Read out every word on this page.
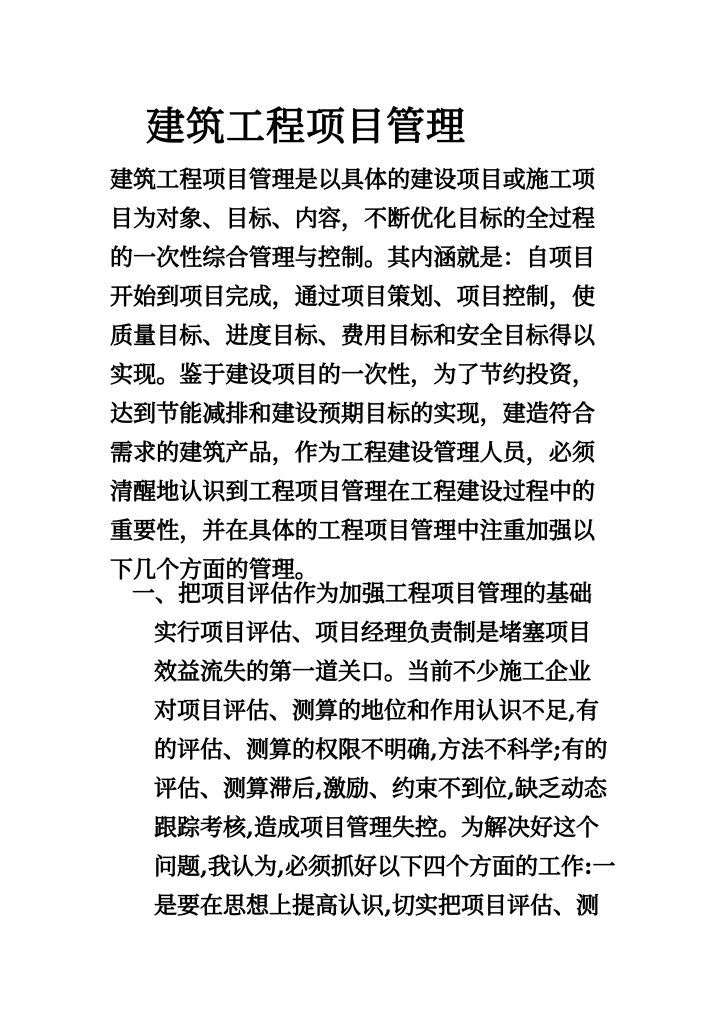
建筑工程项目管理
建筑工程项目管理是以具体的建设项目或施工项
目为对象、目标、内容，不断优化目标的全过程
的一次性综合管理与控制。其内涵就是：自项目
开始到项目完成，通过项目策划、项目控制，使
质量目标、进度目标、费用目标和安全目标得以
实现。鉴于建设项目的一次性，为了节约投资，
达到节能减排和建设预期目标的实现，建造符合
需求的建筑产品，作为工程建设管理人员，必须
清醒地认识到工程项目管理在工程建设过程中的
重要性，并在具体的工程项目管理中注重加强以
下几个方面的管理。
一、把项目评估作为加强工程项目管理的基础
实行项目评估、项目经理负责制是堵塞项目
效益流失的第一道关口。当前不少施工企业
对项目评估、测算的地位和作用认识不足,有
的评估、测算的权限不明确,方法不科学;有的
评估、测算滞后,激励、约束不到位,缺乏动态
跟踪考核,造成项目管理失控。为解决好这个
问题,我认为,必须抓好以下四个方面的工作:一
是要在思想上提高认识,切实把项目评估、测
